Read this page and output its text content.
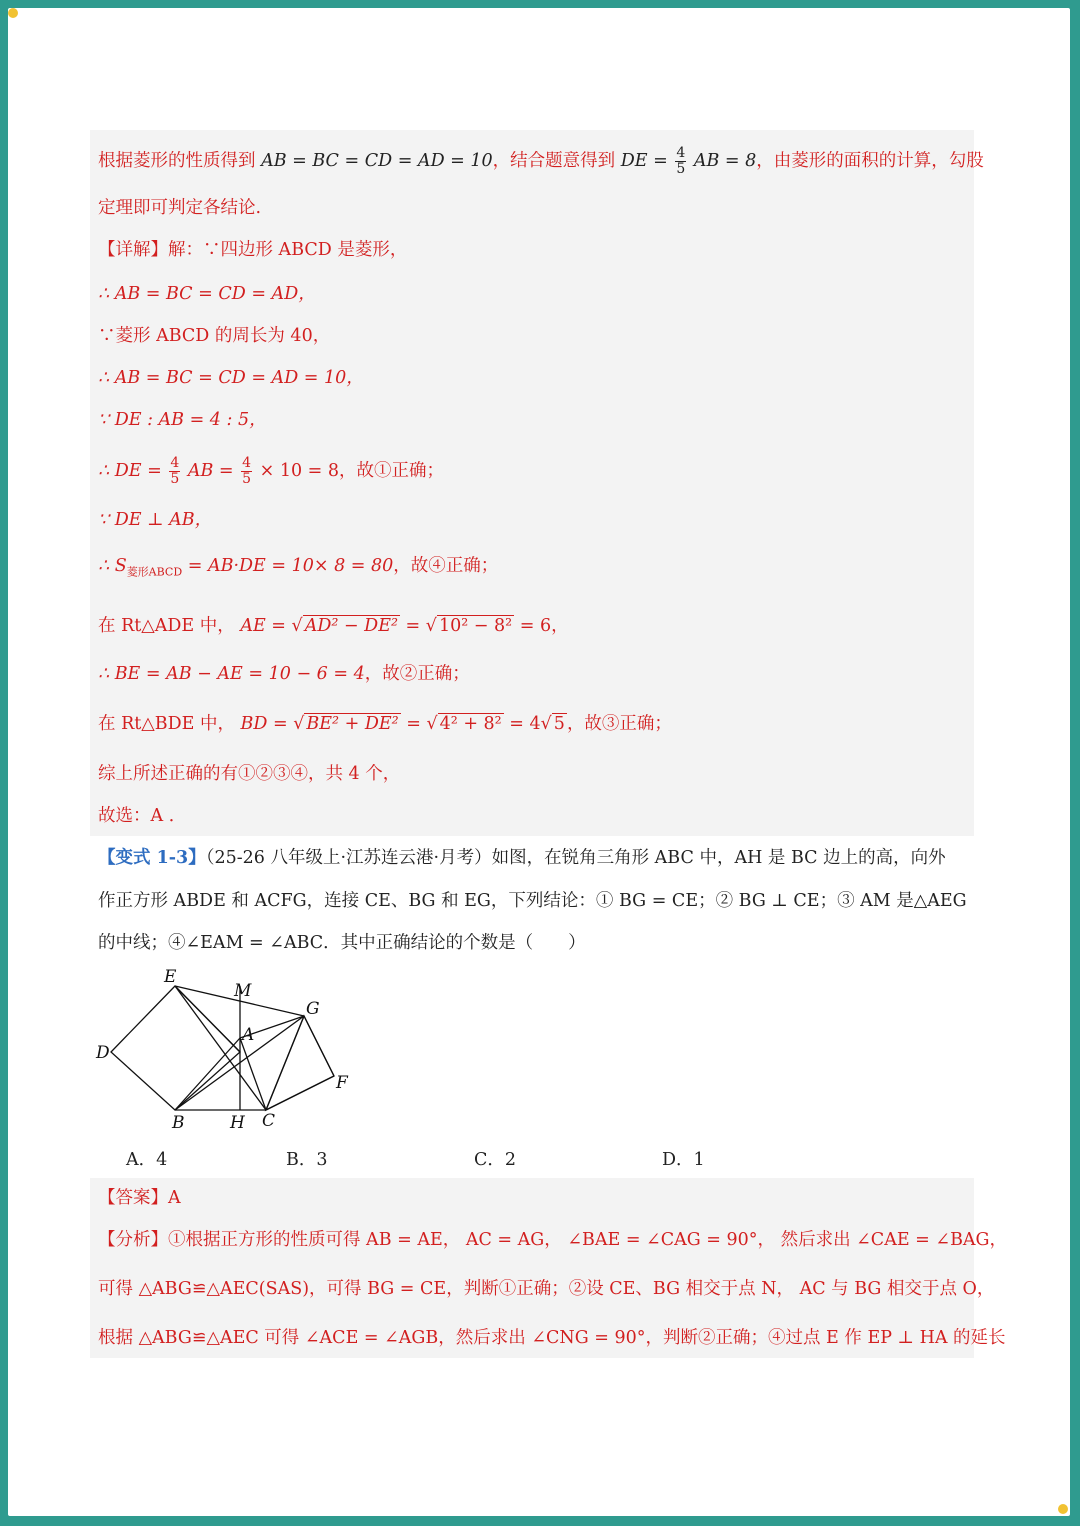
根据菱形的性质得到 AB = BC = CD = AD = 10，结合题意得到 DE = $\frac{4}{5}$ AB = 8，由菱形的面积的计算，勾股
定理即可判定各结论.
【详解】解：∵四边形 ABCD 是菱形，
∴ AB = BC = CD = AD，
∵菱形 ABCD 的周长为 40，
∴ AB = BC = CD = AD = 10，
∵ DE : AB = 4 : 5，
∴ DE = $\frac{4}{5}$ AB = $\frac{4}{5} \times 10 = 8$，故①正确；
∵ DE ⊥ AB，
∴ $S_{菱形ABCD} = AB\cdot DE = 10\times 8 = 80$，故④正确；
在 Rt△ADE 中， AE = √ AD² − DE² = √ 10² − 8² = 6，
∴ BE = AB − AE = 10 − 6 = 4，故②正确；
在 Rt△BDE 中， BD = √ BE² + DE² = √ 4² + 8² = 4√ 5 ，故③正确；
综上所述正确的有①②③④，共 4 个，
故选：A ．
【变式 1-3】（25-26 八年级上·江苏连云港·月考）如图，在锐角三角形 ABC 中，AH 是 BC 边上的高，向外
作正方形 ABDE 和 ACFG，连接 CE、BG 和 EG，下列结论：① BG = CE；② BG ⊥ CE；③ AM 是△AEG
的中线；④∠EAM = ∠ABC．其中正确结论的个数是（　　）
E
M
G
A
D
F
B	H C
A．4	B．3	C．2	D．1
【答案】A
【分析】①根据正方形的性质可得 AB = AE， AC = AG， ∠BAE = ∠CAG = 90°， 然后求出 ∠CAE = ∠BAG，
可得 △ABG≌△AEC(SAS)，可得 BG = CE，判断①正确；②设 CE、BG 相交于点 N， AC 与 BG 相交于点 O，
根据 △ABG≌△AEC 可得 ∠ACE = ∠AGB，然后求出 ∠CNG = 90°，判断②正确；④过点 E 作 EP ⊥ HA 的延长
